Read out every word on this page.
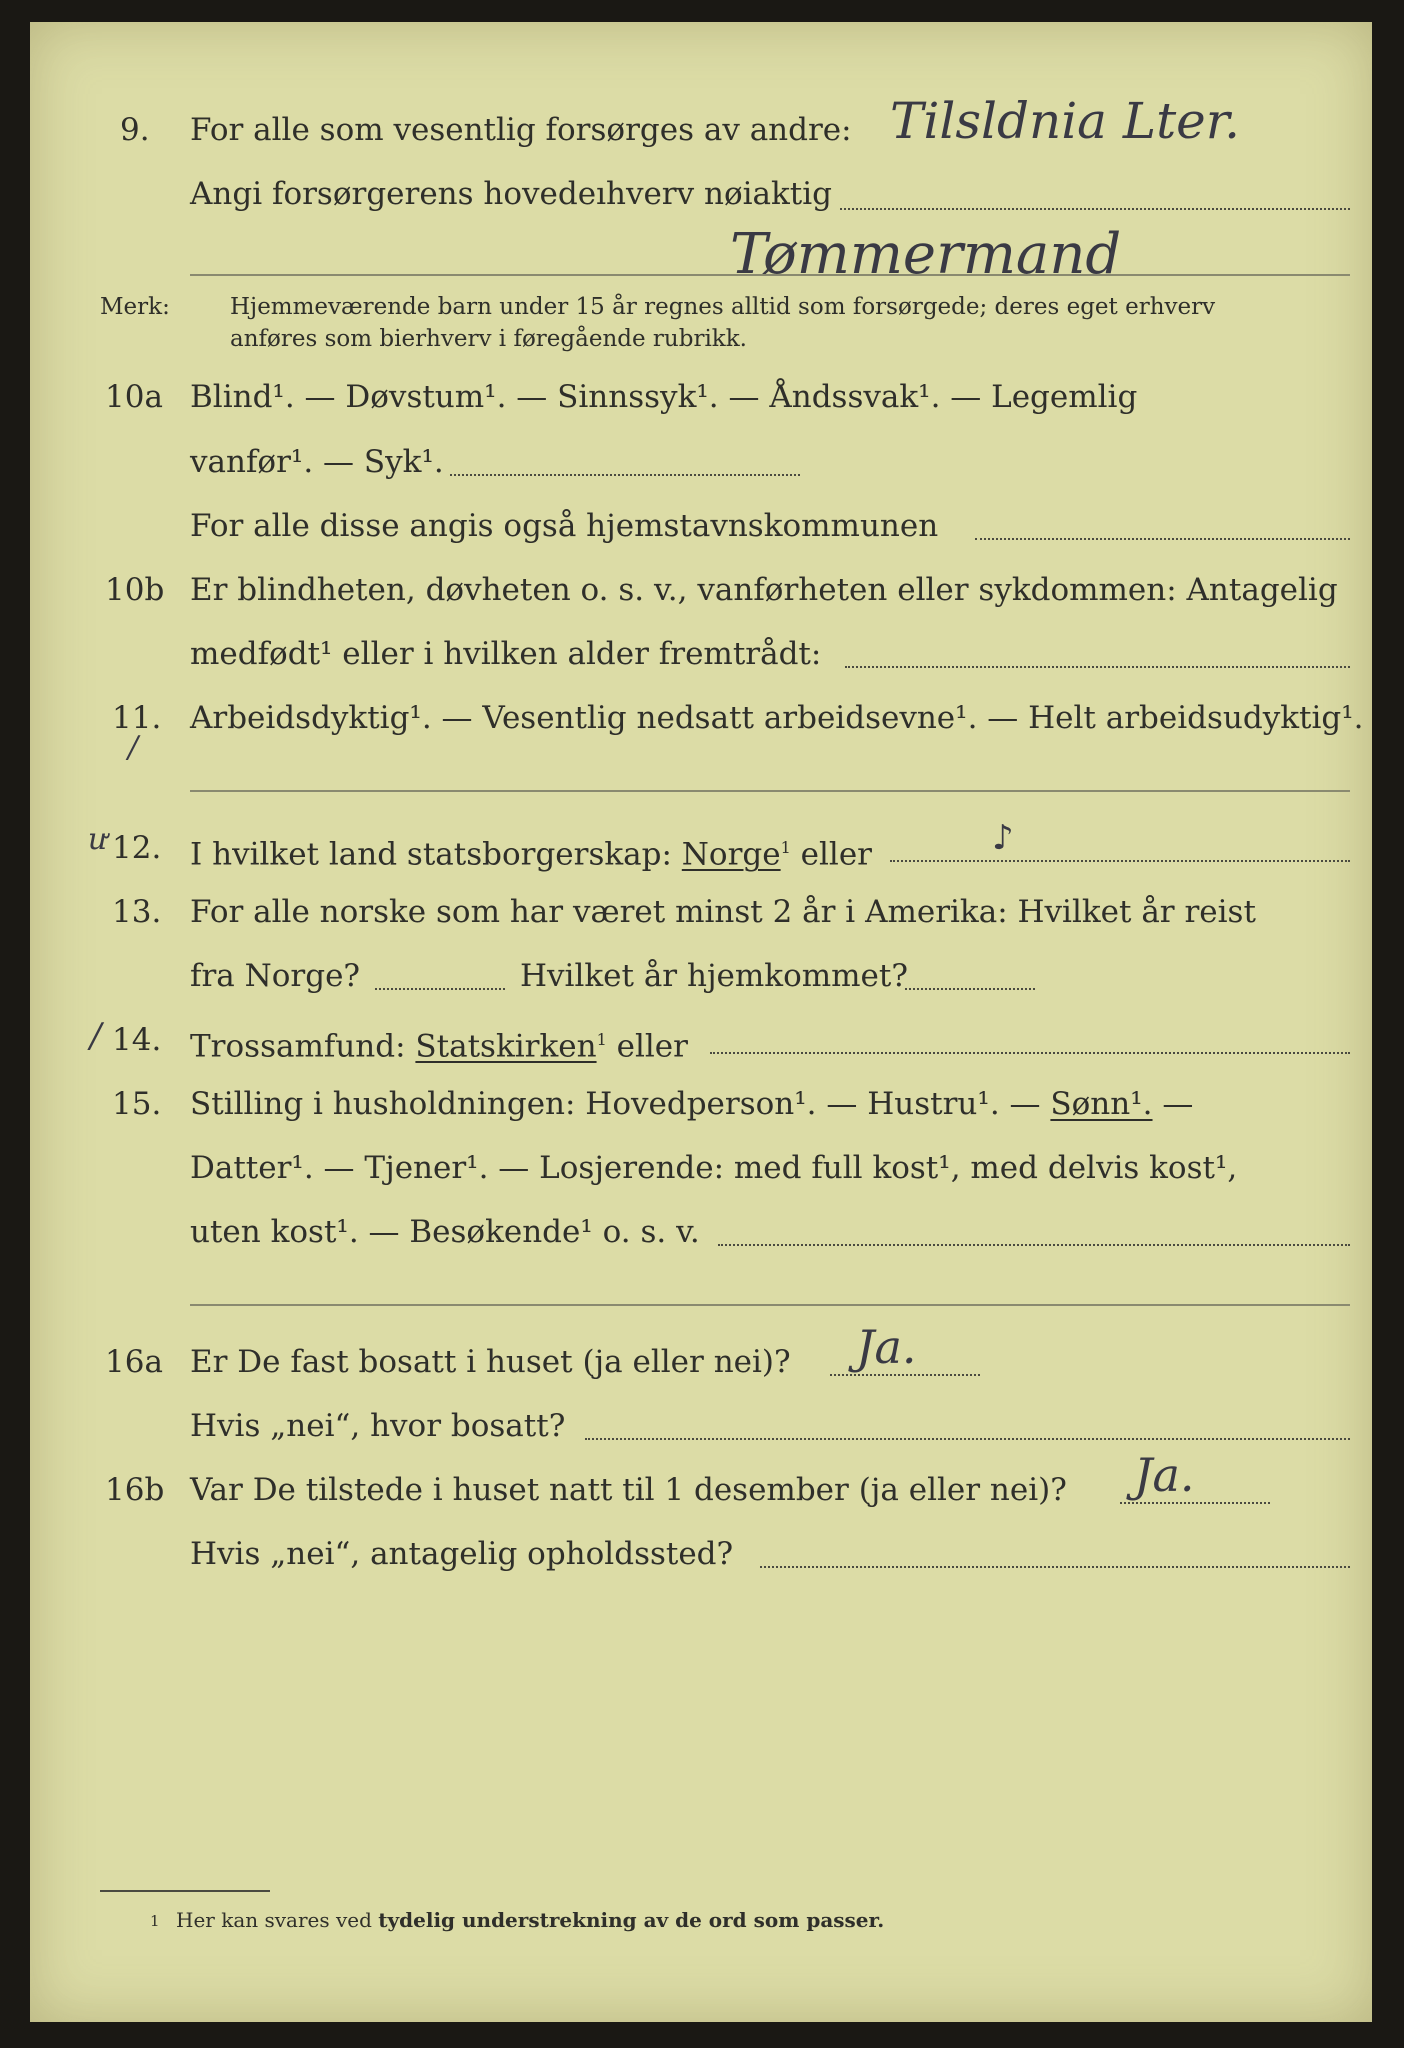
9. For alle som vesentlig forsørges av andre: Tilsldnia Lter.
Angi forsørgerens hovedeıhverv nøiaktig
Tømmermand
Merk:	Hjemmeværende barn under 15 år regnes alltid som forsørgede; deres eget erhverv
anføres som bierhverv i føregående rubrikk.
10a Blind¹. — Døvstum¹. — Sinnssyk¹. — Åndssvak¹. — Legemlig
vanfør¹. — Syk¹.
For alle disse angis også hjemstavnskommunen
10b Er blindheten, døvheten o. s. v., vanførheten eller sykdommen: Antagelig
medfødt¹ eller i hvilken alder fremtrådt:
11.
/
Arbeidsdyktig¹. — Vesentlig nedsatt arbeidsevne¹. — Helt arbeidsudyktig¹.
ư 12. I hvilket land statsborgerskap: Norge$^1$ eller	♪
13. For alle norske som har været minst 2 år i Amerika: Hvilket år reist
fra Norge?	Hvilket år hjemkommet?
/ 14. Trossamfund: Statskirken$^1$ eller
15. Stilling i husholdningen: Hovedperson¹. — Hustru¹. — Sønn¹. —
Datter¹. — Tjener¹. — Losjerende: med full kost¹, med delvis kost¹,
uten kost¹. — Besøkende¹ o. s. v.
16a Er De fast bosatt i huset (ja eller nei)? Ja.
Hvis „nei“, hvor bosatt?
16b Var De tilstede i huset natt til 1 desember (ja eller nei)? Ja.
Hvis „nei“, antagelig opholdssted?
1 Her kan svares ved tydelig understrekning av de ord som passer.
